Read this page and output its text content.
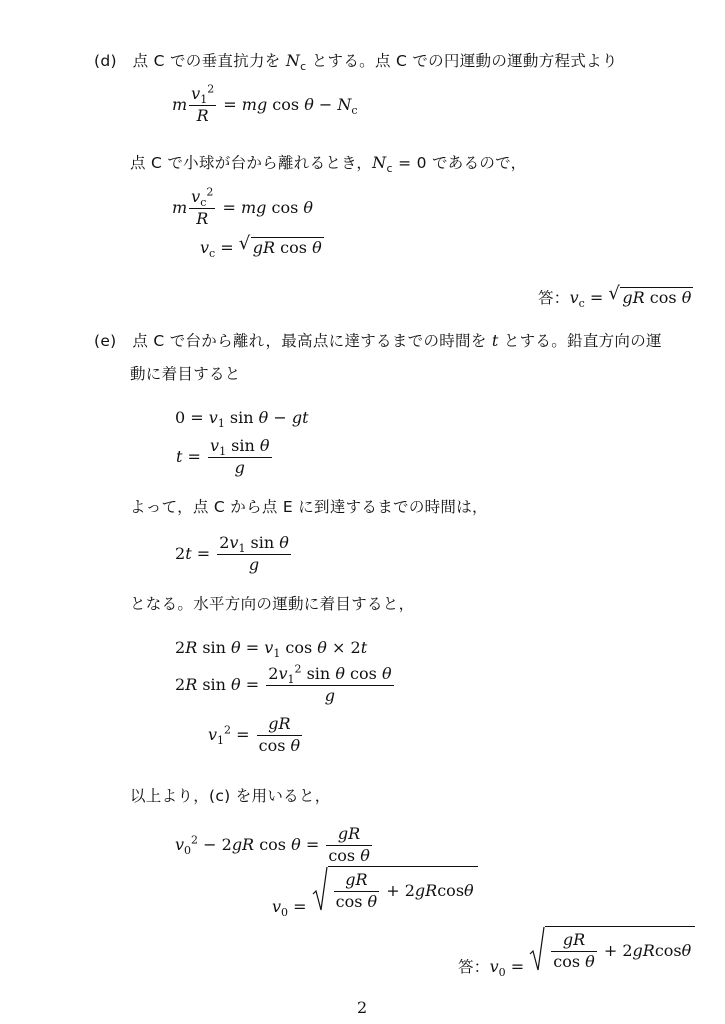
(d)　点 C での垂直抗力を $N_c$ とする。点 C での円運動の運動方程式より
m $\frac{v_1^2}{R}$ = mg $\cos \theta - N_c$
点 C で小球が台から離れるとき，$N_c = 0$ であるので，
m $\frac{v_c^2}{R}$ = mg cos θ
$v_c$ = √ gR cos θ
答：$v_c$ = √ gR cos θ
(e)　点 C で台から離れ，最高点に達するまでの時間を t とする。鉛直方向の運
動に着目すると
$0 = v_1$ sin θ − gt
$t = \frac{v_1 \sin \theta}{g}$
よって，点 C から点 E に到達するまでの時間は，
$2t = \frac{2v_1 \sin \theta}{g}$
となる。水平方向の運動に着目すると，
2R $\sin \theta = v_1$ cos θ × 2t
2R $\sin \theta = \frac{2v_1^2 \sin \theta \cos \theta}{g}$
$v_1^2 = \frac{gR}{\text{cos θ}}$
以上より，(c) を用いると，
$v_0^2 - 2gR$ $\cos \theta = \frac{gR}{\text{cos θ}}$
$v_0 = \frac{gR}{\text{cos θ}} + 2$ gR cos θ
答：$v_0 = \frac{gR}{\text{cos θ}} + 2$ gR cos θ
2
